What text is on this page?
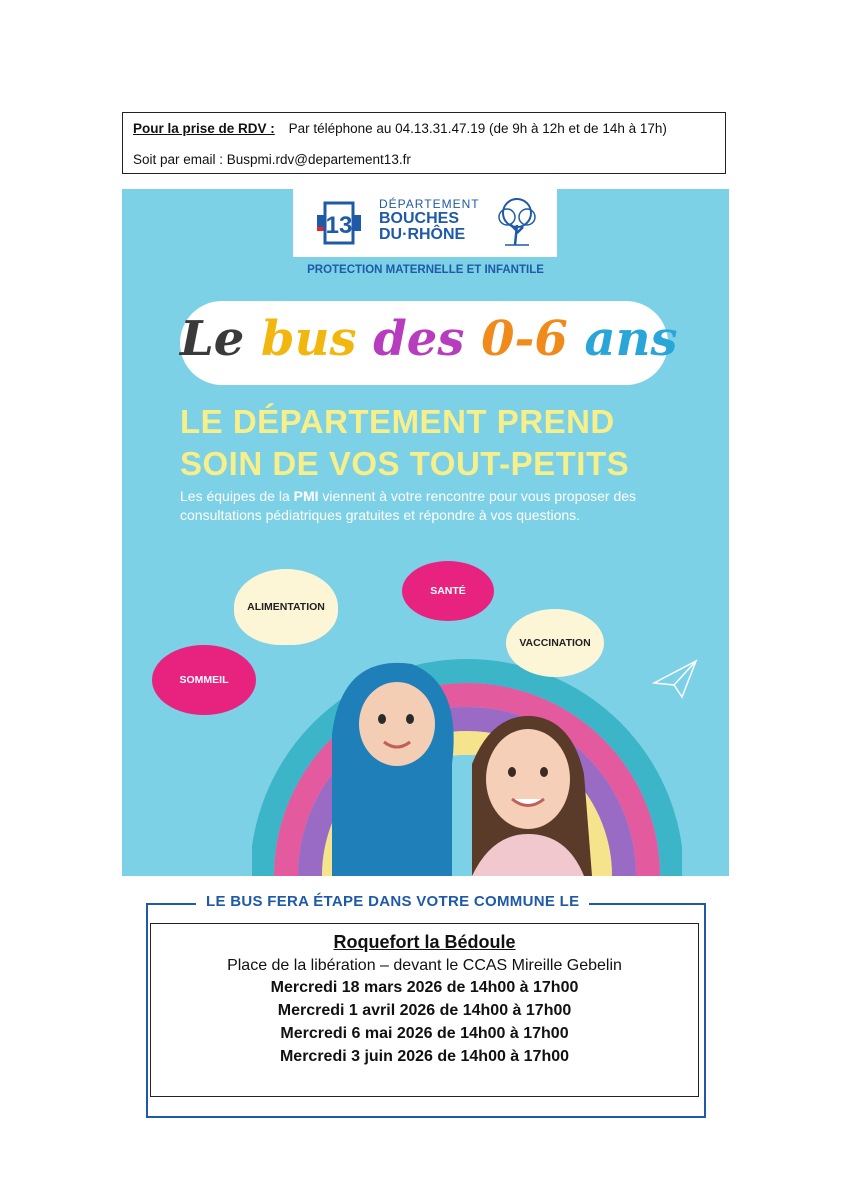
Pour la prise de RDV : Par téléphone au 04.13.31.47.19 (de 9h à 12h et de 14h à 17h)
Soit par email : Buspmi.rdv@departement13.fr
13
DÉPARTEMENT
BOUCHES
DU·RHÔNE
PROTECTION MATERNELLE ET INFANTILE
Le bus des 0-6 ans
LE DÉPARTEMENT PREND
SOIN DE VOS TOUT-PETITS
Les équipes de la PMI viennent à votre rencontre pour vous proposer des consultations pédiatriques gratuites et répondre à vos questions.
ALIMENTATION
SANTÉ
VACCINATION
SOMMEIL
LE BUS FERA ÉTAPE DANS VOTRE COMMUNE LE
Roquefort la Bédoule
Place de la libération – devant le CCAS Mireille Gebelin
Mercredi 18 mars 2026 de 14h00 à 17h00
Mercredi 1 avril 2026 de 14h00 à 17h00
Mercredi 6 mai 2026 de 14h00 à 17h00
Mercredi 3 juin 2026 de 14h00 à 17h00
